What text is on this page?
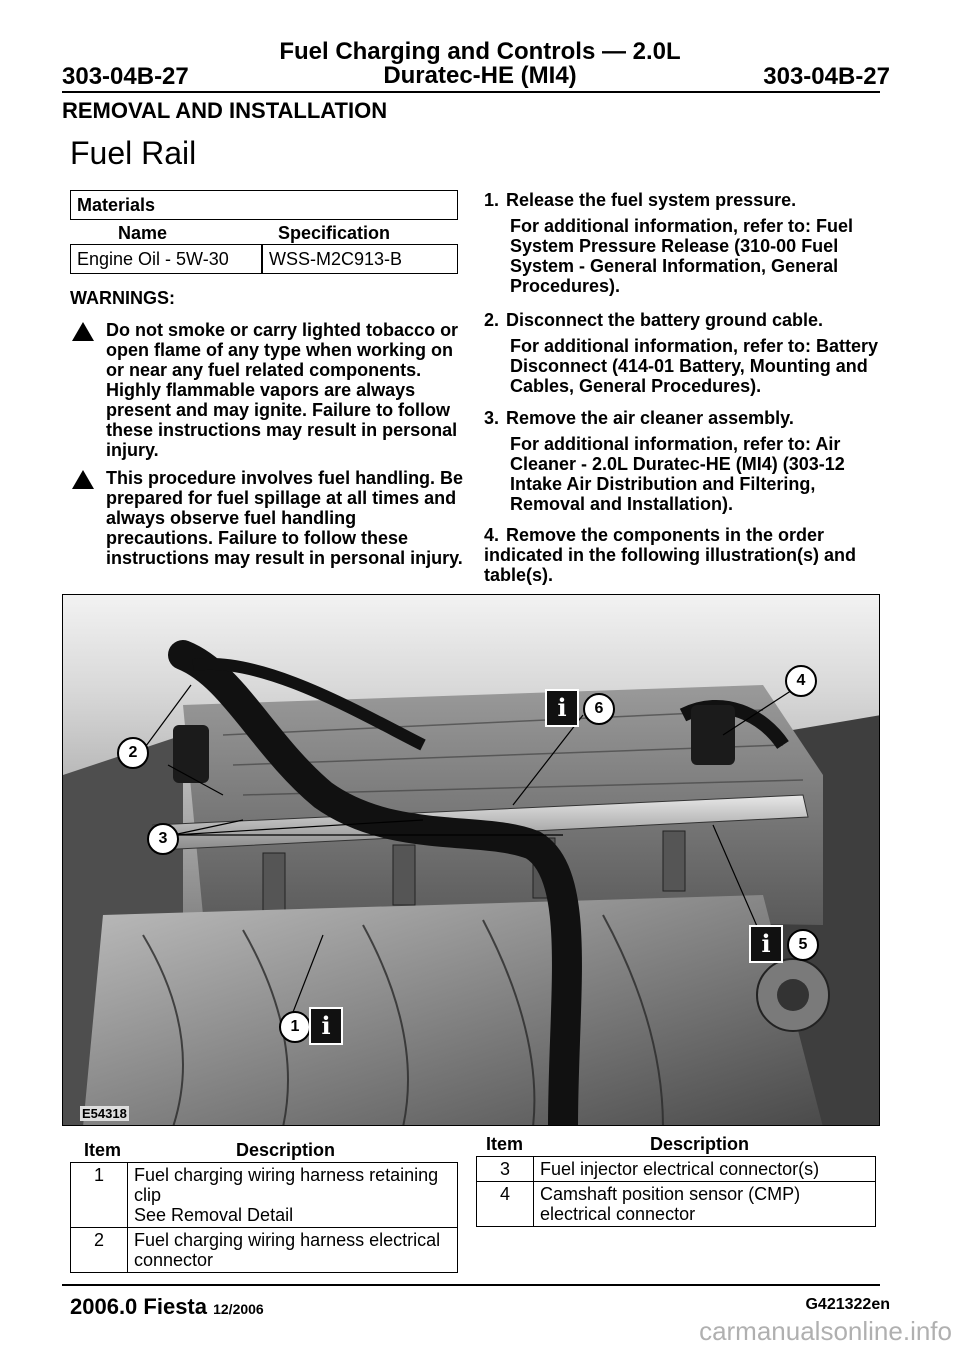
Fuel Charging and Controls — 2.0L
Duratec-HE (MI4)
303-04B-27	303-04B-27
REMOVAL AND INSTALLATION
Fuel Rail
Materials
Name	Specification
Engine Oil - 5W-30 WSS-M2C913-B
WARNINGS:
Do not smoke or carry lighted tobacco or open flame of any type when working on or near any fuel related components. Highly flammable vapors are always present and may ignite. Failure to follow these instructions may result in personal injury.
This procedure involves fuel handling. Be prepared for fuel spillage at all times and always observe fuel handling precautions. Failure to follow these instructions may result in personal injury.
1. Release the fuel system pressure.
For additional information, refer to: Fuel System Pressure Release (310-00 Fuel System - General Information, General Procedures).
2. Disconnect the battery ground cable.
For additional information, refer to: Battery Disconnect (414-01 Battery, Mounting and Cables, General Procedures).
3. Remove the air cleaner assembly.
For additional information, refer to: Air Cleaner - 2.0L Duratec-HE (MI4) (303-12 Intake Air Distribution and Filtering, Removal and Installation).
4. Remove the components in the order indicated in the following illustration(s) and table(s).
1 i
2
3
4
i	5
i	6
E54318
Item	Description
1	Fuel charging wiring harness retaining clip
See Removal Detail

2	Fuel charging wiring harness electrical connector
Item	Description
3	Fuel injector electrical connector(s)
4	Camshaft position sensor (CMP) electrical connector
2006.0 Fiesta 12/2006	G421322en
carmanualsonline.info
